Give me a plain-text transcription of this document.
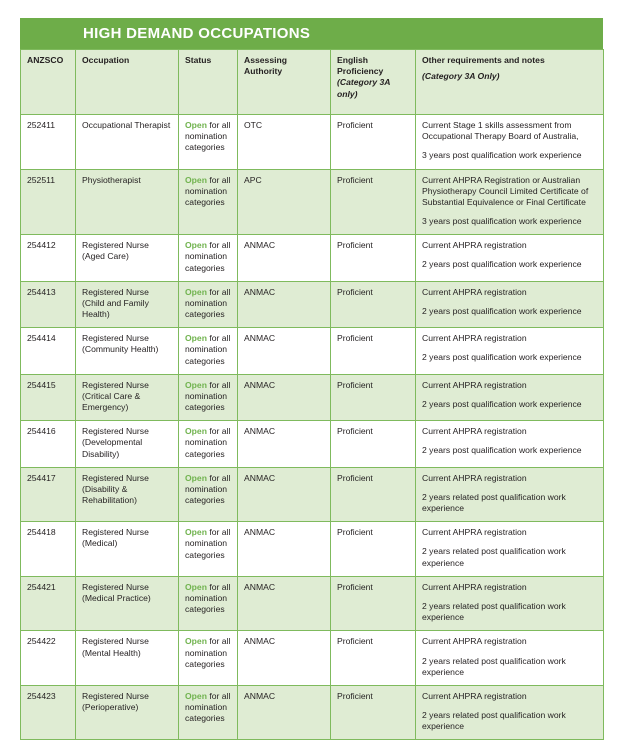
HIGH DEMAND OCCUPATIONS
ANZSCO	Occupation	Status	Assessing Authority	English Proficiency (Category 3A only)	Other requirements and notes
(Category 3A Only)

252411	Occupational Therapist	Open for all nomination categories	OTC	Proficient	Current Stage 1 skills assessment from Occupational Therapy Board of Australia,

3 years post qualification work experience

252511	Physiotherapist	Open for all nomination categories	APC	Proficient	Current AHPRA Registration or Australian Physiotherapy Council Limited Certificate of Substantial Equivalence or Final Certificate

3 years post qualification work experience

254412	Registered Nurse (Aged Care)	Open for all nomination categories	ANMAC	Proficient	Current AHPRA registration

2 years post qualification work experience

254413	Registered Nurse (Child and Family Health)	Open for all nomination categories	ANMAC	Proficient	Current AHPRA registration

2 years post qualification work experience

254414	Registered Nurse (Community Health)	Open for all nomination categories	ANMAC	Proficient	Current AHPRA registration

2 years post qualification work experience

254415	Registered Nurse (Critical Care & Emergency)	Open for all nomination categories	ANMAC	Proficient	Current AHPRA registration

2 years post qualification work experience

254416	Registered Nurse (Developmental Disability)	Open for all nomination categories	ANMAC	Proficient	Current AHPRA registration

2 years post qualification work experience

254417	Registered Nurse (Disability & Rehabilitation)	Open for all nomination categories	ANMAC	Proficient	Current AHPRA registration

2 years related post qualification work experience

254418	Registered Nurse (Medical)	Open for all nomination categories	ANMAC	Proficient	Current AHPRA registration

2 years related post qualification work experience

254421	Registered Nurse (Medical Practice)	Open for all nomination categories	ANMAC	Proficient	Current AHPRA registration

2 years related post qualification work experience

254422	Registered Nurse (Mental Health)	Open for all nomination categories	ANMAC	Proficient	Current AHPRA registration

2 years related post qualification work experience

254423	Registered Nurse (Perioperative)	Open for all nomination categories	ANMAC	Proficient	Current AHPRA registration

2 years related post qualification work experience
